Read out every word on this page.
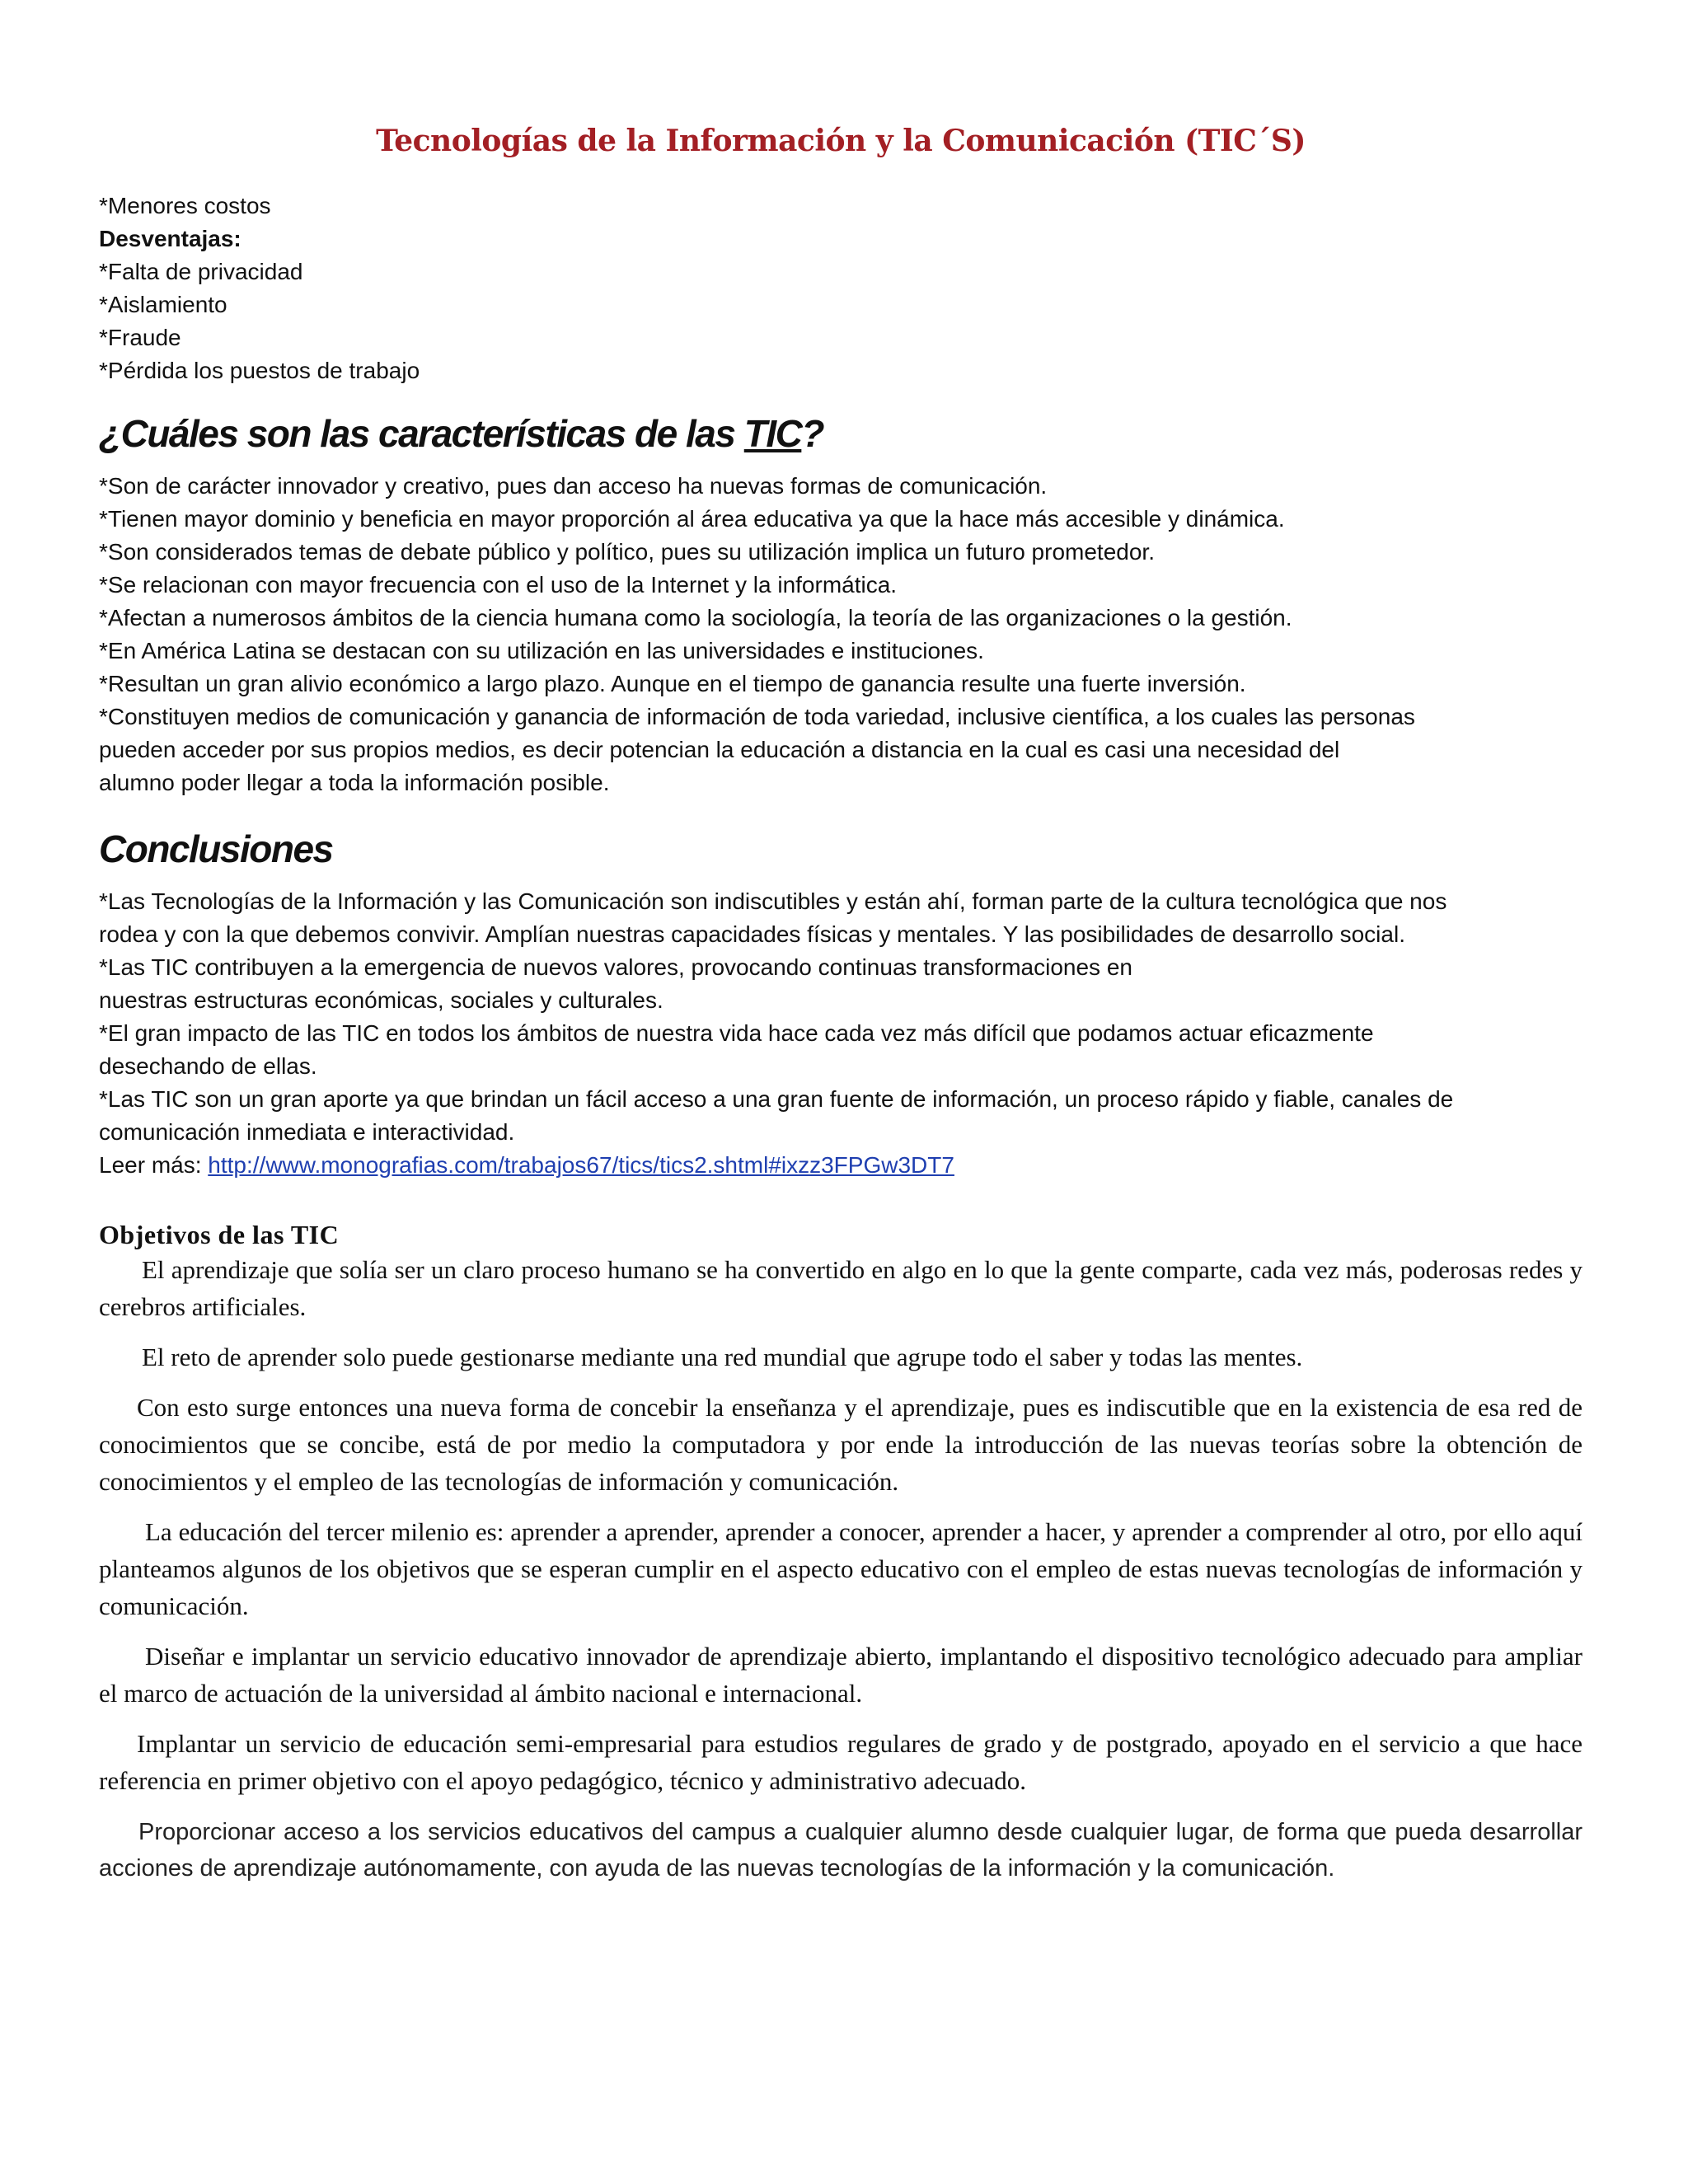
Tecnologías de la Información y la Comunicación (TIC´S)
*Menores costos
Desventajas:
*Falta de privacidad
*Aislamiento
*Fraude
*Pérdida los puestos de trabajo
¿Cuáles son las características de las TIC?
*Son de carácter innovador y creativo, pues dan acceso ha nuevas formas de comunicación.
*Tienen mayor dominio y beneficia en mayor proporción al área educativa ya que la hace más accesible y dinámica.
*Son considerados temas de debate público y político, pues su utilización implica un futuro prometedor.
*Se relacionan con mayor frecuencia con el uso de la Internet y la informática.
*Afectan a numerosos ámbitos de la ciencia humana como la sociología, la teoría de las organizaciones o la gestión.
*En América Latina se destacan con su utilización en las universidades e instituciones.
*Resultan un gran alivio económico a largo plazo. Aunque en el tiempo de ganancia resulte una fuerte inversión.
*Constituyen medios de comunicación y ganancia de información de toda variedad, inclusive científica, a los cuales las personas
pueden acceder por sus propios medios, es decir potencian la educación a distancia en la cual es casi una necesidad del
alumno poder llegar a toda la información posible.
Conclusiones
*Las Tecnologías de la Información y las Comunicación son indiscutibles y están ahí, forman parte de la cultura tecnológica que nos
rodea y con la que debemos convivir. Amplían nuestras capacidades físicas y mentales. Y las posibilidades de desarrollo social.
*Las TIC contribuyen a la emergencia de nuevos valores, provocando continuas transformaciones en
nuestras estructuras económicas, sociales y culturales.
*El gran impacto de las TIC en todos los ámbitos de nuestra vida hace cada vez más difícil que podamos actuar eficazmente
desechando de ellas.
*Las TIC son un gran aporte ya que brindan un fácil acceso a una gran fuente de información, un proceso rápido y fiable, canales de
comunicación inmediata e interactividad.
Leer más: http://www.monografias.com/trabajos67/tics/tics2.shtml#ixzz3FPGw3DT7
Objetivos de las TIC

El aprendizaje que solía ser un claro proceso humano se ha convertido en algo en lo que la gente comparte, cada vez más, poderosas redes y cerebros artificiales.

El reto de aprender solo puede gestionarse mediante una red mundial que agrupe todo el saber y todas las mentes.

Con esto surge entonces una nueva forma de concebir la enseñanza y el aprendizaje, pues es indiscutible que en la existencia de esa red de conocimientos que se concibe, está de por medio la computadora y por ende la introducción de las nuevas teorías sobre la obtención de conocimientos y el empleo de las tecnologías de información y comunicación.

La educación del tercer milenio es: aprender a aprender, aprender a conocer, aprender a hacer, y aprender a comprender al otro, por ello aquí planteamos algunos de los objetivos que se esperan cumplir en el aspecto educativo con el empleo de estas nuevas tecnologías de información y comunicación.

Diseñar e implantar un servicio educativo innovador de aprendizaje abierto, implantando el dispositivo tecnológico adecuado para ampliar el marco de actuación de la universidad al ámbito nacional e internacional.

Implantar un servicio de educación semi-empresarial para estudios regulares de grado y de postgrado, apoyado en el servicio a que hace referencia en primer objetivo con el apoyo pedagógico, técnico y administrativo adecuado.

Proporcionar acceso a los servicios educativos del campus a cualquier alumno desde cualquier lugar, de forma que pueda desarrollar acciones de aprendizaje autónomamente, con ayuda de las nuevas tecnologías de la información y la comunicación.
